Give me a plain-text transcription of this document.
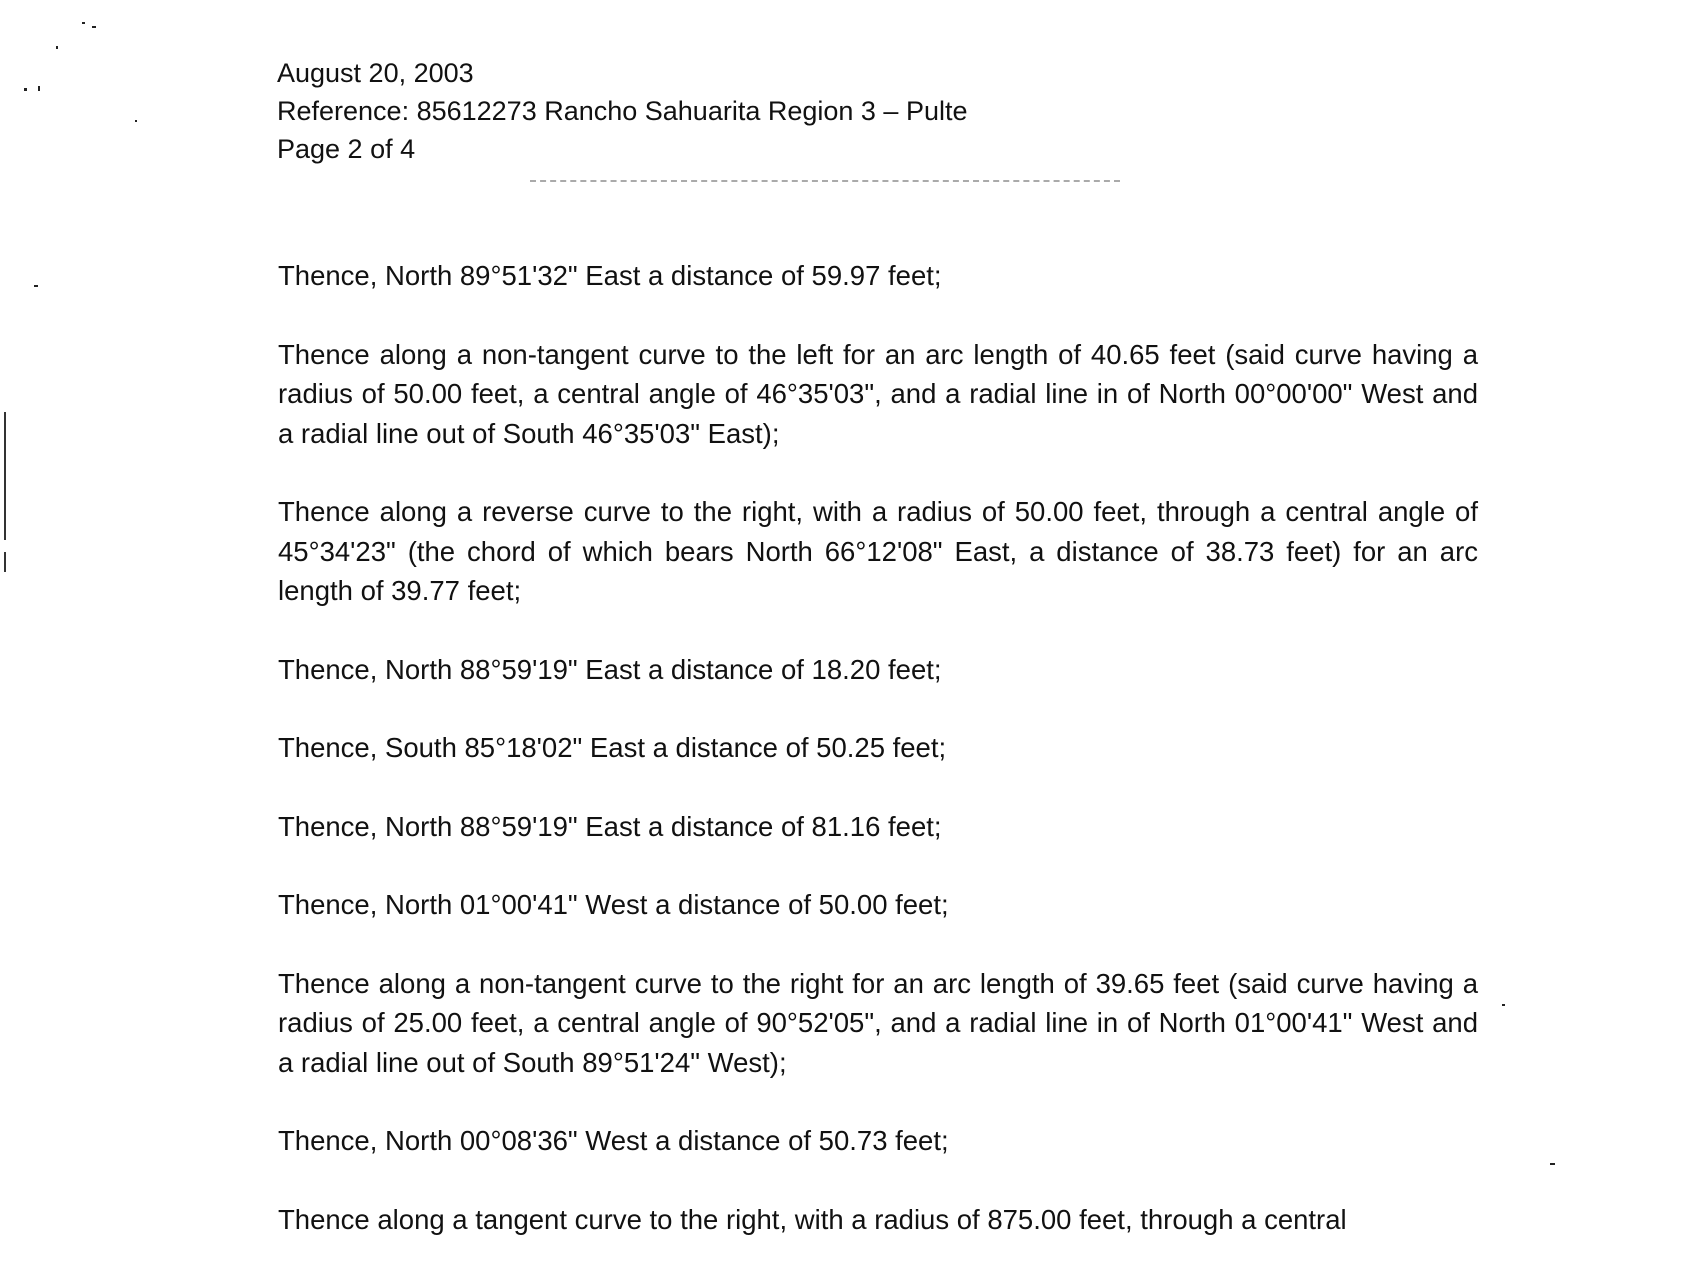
August 20, 2003
Reference: 85612273 Rancho Sahuarita Region 3 – Pulte
Page 2 of 4

Thence, North 89°51'32" East a distance of 59.97 feet;

Thence along a non-tangent curve to the left for an arc length of 40.65 feet (said curve having a radius of 50.00 feet, a central angle of 46°35'03", and a radial line in of North 00°00'00" West and a radial line out of South 46°35'03" East);

Thence along a reverse curve to the right, with a radius of 50.00 feet, through a central angle of 45°34'23" (the chord of which bears North 66°12'08" East, a distance of 38.73 feet) for an arc length of 39.77 feet;

Thence, North 88°59'19" East a distance of 18.20 feet;

Thence, South 85°18'02" East a distance of 50.25 feet;

Thence, North 88°59'19" East a distance of 81.16 feet;

Thence, North 01°00'41" West a distance of 50.00 feet;

Thence along a non-tangent curve to the right for an arc length of 39.65 feet (said curve having a radius of 25.00 feet, a central angle of 90°52'05", and a radial line in of North 01°00'41" West and a radial line out of South 89°51'24" West);

Thence, North 00°08'36" West a distance of 50.73 feet;

Thence along a tangent curve to the right, with a radius of 875.00 feet, through a central
